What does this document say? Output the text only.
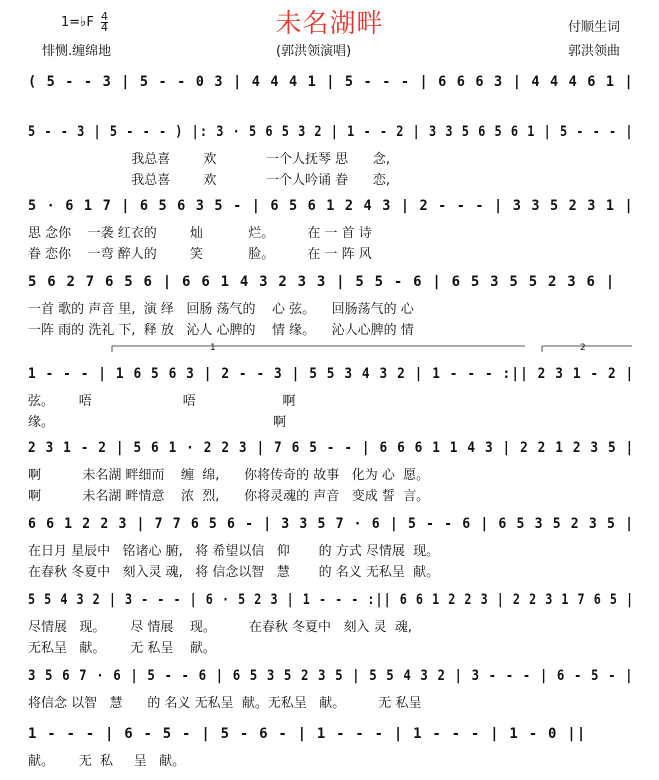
未名湖畔
1=♭F $\frac{4}{4}$
悱恻.缠绵地	(郭洪领演唱)
付顺生词
郭洪领曲
( 5 - - 3 | 5 - - 0 3 | 4 4 4 1 | 5 - - - | 6 6 6 3 | 4 4 4 6 1 |
5 - - 3 | 5 - - - ) |: 3 · 5 6 5 3 2 | 1 - - 2 | 3 3 5 6 5 6 1 | 5 - - - |
我总喜        欢            一个人抚琴 思      念,
我总喜        欢            一个人吟诵 眷      恋,
5 · 6 1 7 | 6 5 6 3 5 - | 6 5 6 1 2 4 3 | 2 - - - | 3 3 5 2 3 1 |
思 念你    一袭 红衣的        灿           烂。        在 一 首 诗
眷 恋你    一弯 醉人的        笑           脸。        在 一 阵 风
5 6 2 7 6 5 6 | 6 6 1 4 3 2 3 3 | 5 5 - 6 | 6 5 3 5 5 2 3 6 |
一首 歌的 声音 里,  演 绎   回肠 荡气的    心 弦。    回肠荡气的 心
一阵 雨的 洗礼 下,  释 放   沁人 心脾的    情 缘。    沁人心脾的 情
1 - - - | 1 6 5 6 3 | 2 - - 3 | 5 5 3 4 3 2 | 1 - - - :|| 2 3 1 - 2 |
弦。      唔                      唔                     啊
缘。                                                     啊
2 3 1 - 2 | 5 6 1 · 2 2 3 | 7 6 5 - - | 6 6 6 1 1 4 3 | 2 2 1 2 3 5 |
啊          未名湖 畔细而    缠  绵,      你将传奇的 故事   化为 心  愿。
啊          未名湖 畔情意    浓  烈,      你将灵魂的 声音   变成 誓  言。
6 6 1 2 2 3 | 7 7 6 5 6 - | 3 3 5 7 · 6 | 5 - - 6 | 6 5 3 5 2 3 5 |
在日月 星辰中   铭诸心 腑,   将 希望以信   仰       的 方式 尽情展  现。
在春秋 冬夏中   刻入灵 魂,   将 信念以智   慧       的 名义 无私呈  献。
5 5 4 3 2 | 3 - - - | 6 · 5 2 3 | 1 - - - :|| 6 6 1 2 2 3 | 2 2 3 1 7 6 5 |
尽情展   现。      尽 情展    现。        在春秋 冬夏中   刻入 灵  魂,
无私呈   献。      无 私呈    献。
3 5 6 7 · 6 | 5 - - 6 | 6 5 3 5 2 3 5 | 5 5 4 3 2 | 3 - - - | 6 - 5 - |
将信念 以智   慧      的 名义 无私呈  献。无私呈   献。        无 私呈
1 - - - | 6 - 5 - | 5 - 6 - | 1 - - - | 1 - - - | 1 - 0 ||
献。      无  私     呈   献。
1	2
